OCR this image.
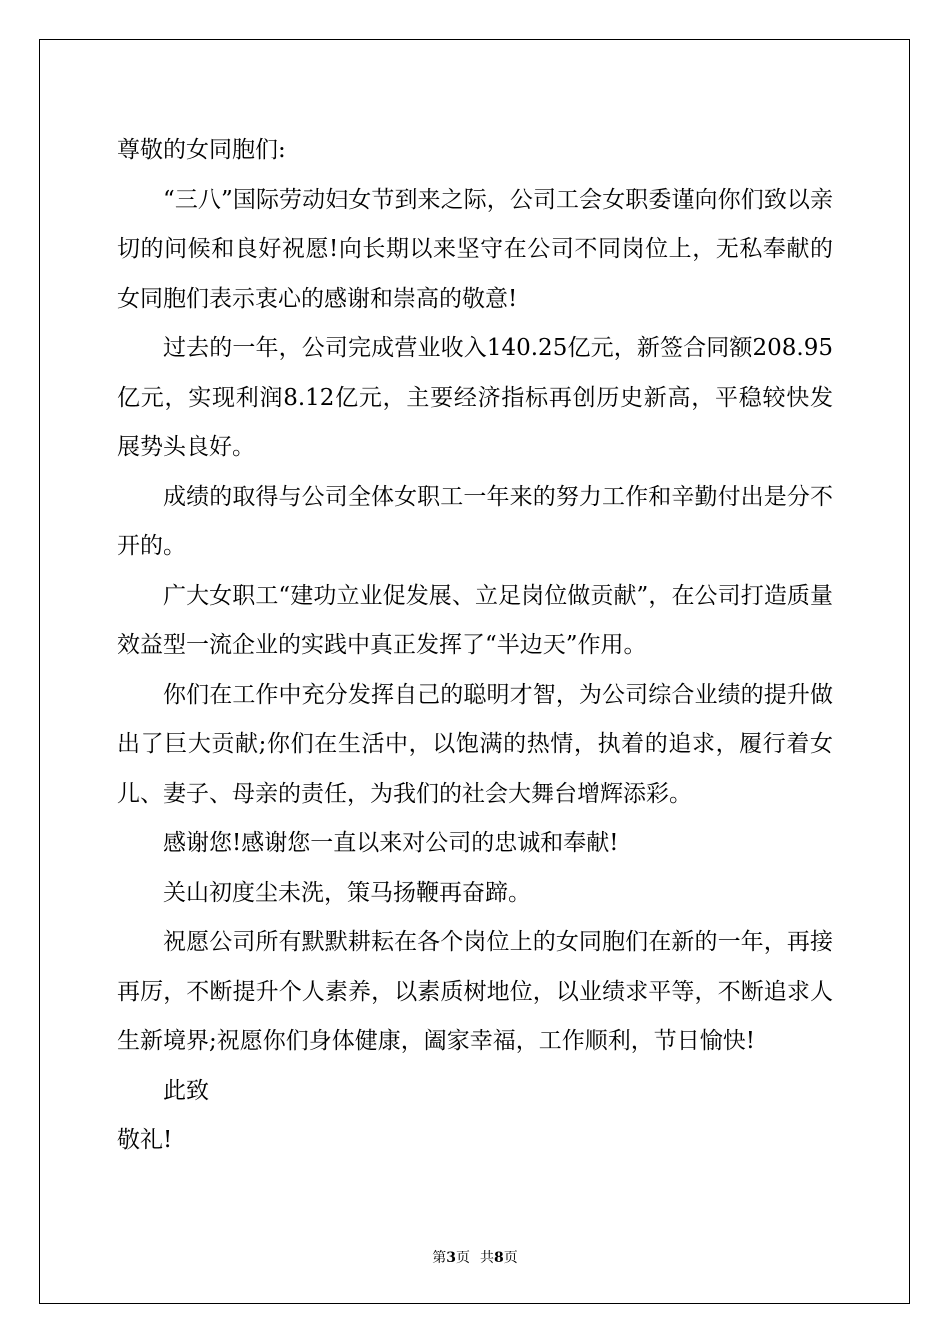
尊敬的女同胞们:

“三八”国际劳动妇女节到来之际，公司工会女职委谨向你们致以亲切的问候和良好祝愿!向长期以来坚守在公司不同岗位上，无私奉献的女同胞们表示衷心的感谢和崇高的敬意!

过去的一年，公司完成营业收入140.25亿元，新签合同额208.95亿元，实现利润8.12亿元，主要经济指标再创历史新高，平稳较快发展势头良好。

成绩的取得与公司全体女职工一年来的努力工作和辛勤付出是分不开的。

广大女职工“建功立业促发展、立足岗位做贡献”，在公司打造质量效益型一流企业的实践中真正发挥了“半边天”作用。

你们在工作中充分发挥自己的聪明才智，为公司综合业绩的提升做出了巨大贡献;你们在生活中，以饱满的热情，执着的追求，履行着女儿、妻子、母亲的责任，为我们的社会大舞台增辉添彩。

感谢您!感谢您一直以来对公司的忠诚和奉献!

关山初度尘未洗，策马扬鞭再奋蹄。

祝愿公司所有默默耕耘在各个岗位上的女同胞们在新的一年，再接再厉，不断提升个人素养，以素质树地位，以业绩求平等，不断追求人生新境界;祝愿你们身体健康，阖家幸福，工作顺利，节日愉快!

此致

敬礼!

第3页 共8页
